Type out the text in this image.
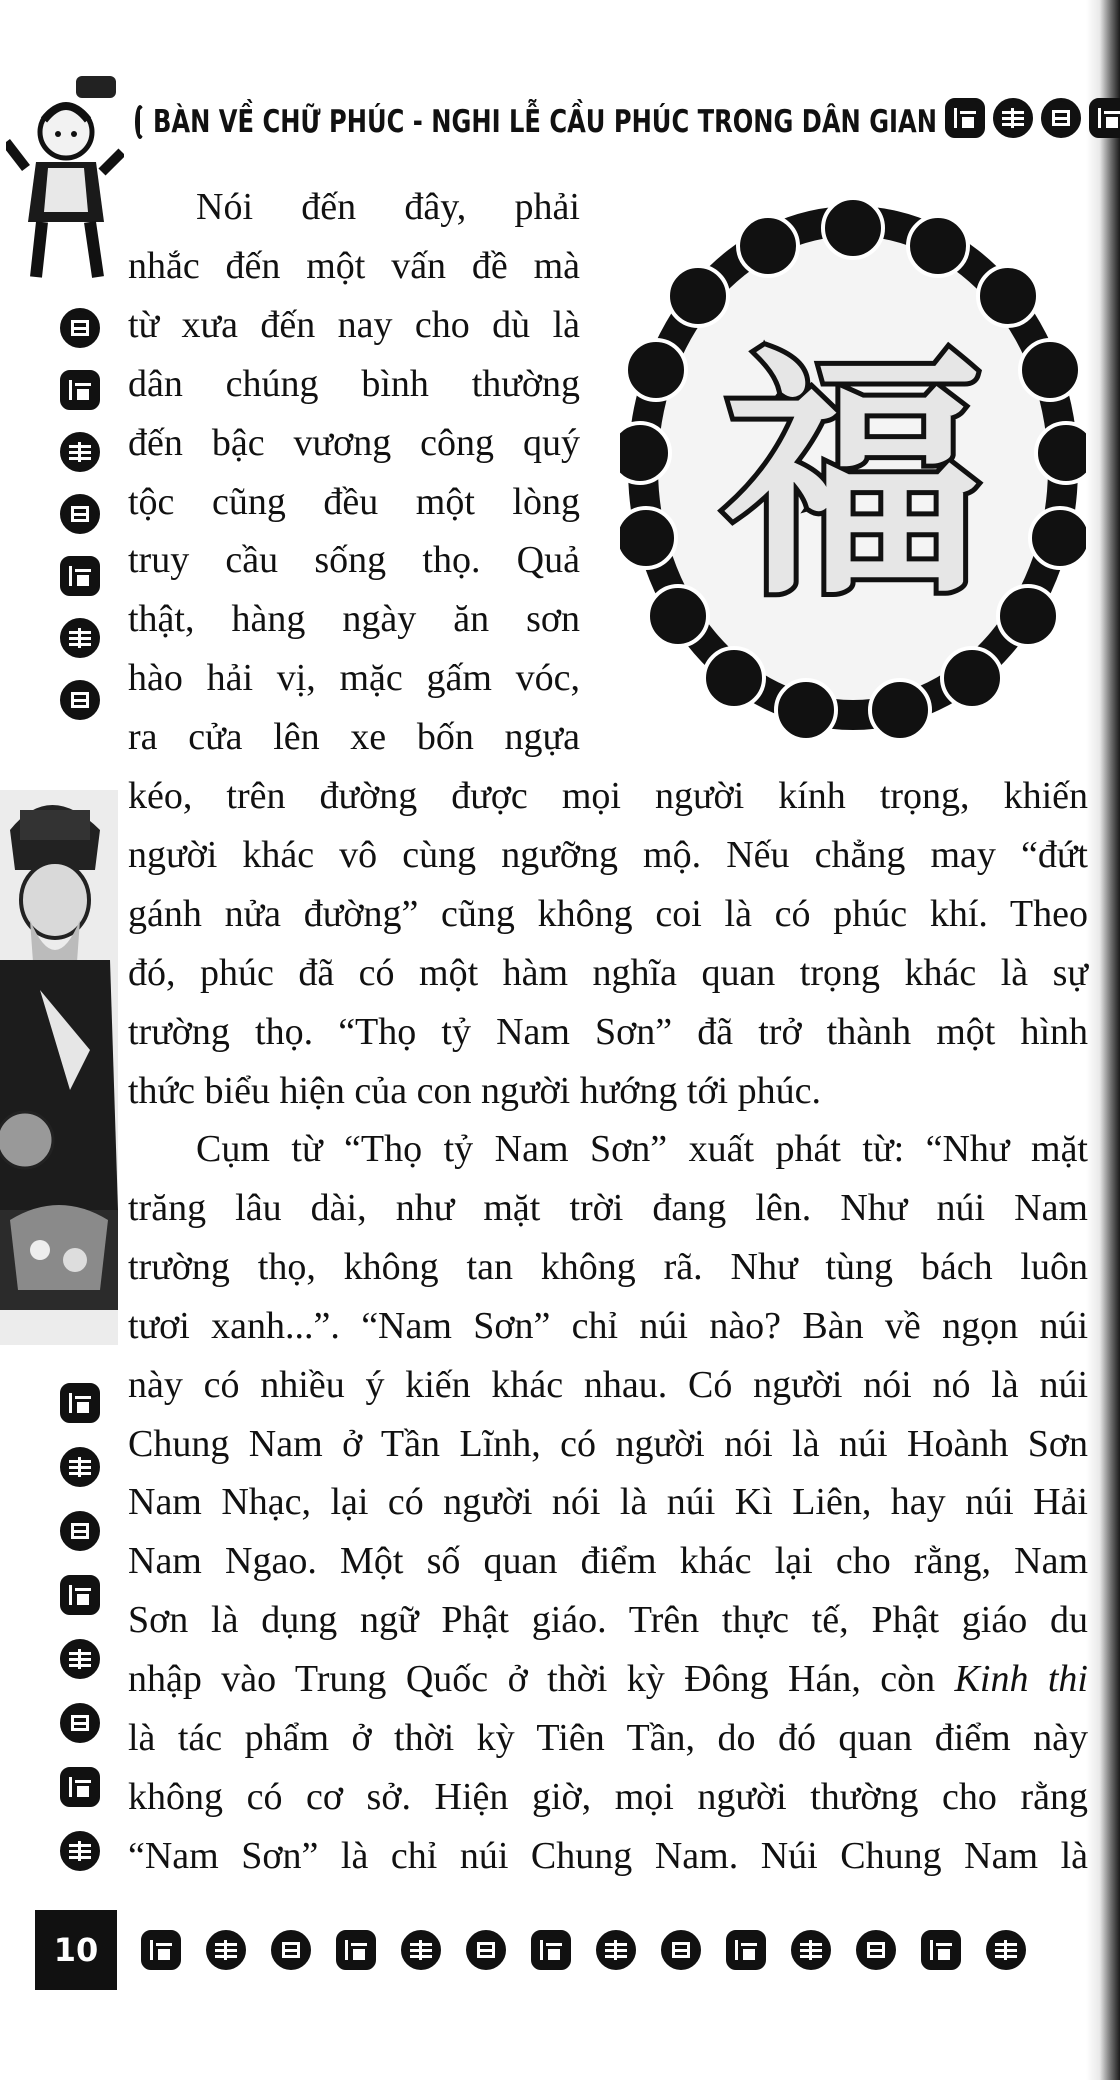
BÀN VỀ CHỮ PHÚC - NGHI LỄ CẦU PHÚC TRONG DÂN GIAN
福
Nói đến đây, phải
nhắc đến một vấn đề mà
từ xưa đến nay cho dù là
dân chúng bình thường
đến bậc vương công quý
tộc cũng đều một lòng
truy cầu sống thọ. Quả
thật, hàng ngày ăn sơn
hào hải vị, mặc gấm vóc,
ra cửa lên xe bốn ngựa
kéo, trên đường được mọi người kính trọng, khiến
người khác vô cùng ngưỡng mộ. Nếu chẳng may “đứt
gánh nửa đường” cũng không coi là có phúc khí. Theo
đó, phúc đã có một hàm nghĩa quan trọng khác là sự
trường thọ. “Thọ tỷ Nam Sơn” đã trở thành một hình
thức biểu hiện của con người hướng tới phúc.
Cụm từ “Thọ tỷ Nam Sơn” xuất phát từ: “Như mặt
trăng lâu dài, như mặt trời đang lên. Như núi Nam
trường thọ, không tan không rã. Như tùng bách luôn
tươi xanh...”. “Nam Sơn” chỉ núi nào? Bàn về ngọn núi
này có nhiều ý kiến khác nhau. Có người nói nó là núi
Chung Nam ở Tần Lĩnh, có người nói là núi Hoành Sơn
Nam Nhạc, lại có người nói là núi Kì Liên, hay núi Hải
Nam Ngao. Một số quan điểm khác lại cho rằng, Nam
Sơn là dụng ngữ Phật giáo. Trên thực tế, Phật giáo du
nhập vào Trung Quốc ở thời kỳ Đông Hán, còn Kinh thi
là tác phẩm ở thời kỳ Tiên Tần, do đó quan điểm này
không có cơ sở. Hiện giờ, mọi người thường cho rằng
“Nam Sơn” là chỉ núi Chung Nam. Núi Chung Nam là
10
